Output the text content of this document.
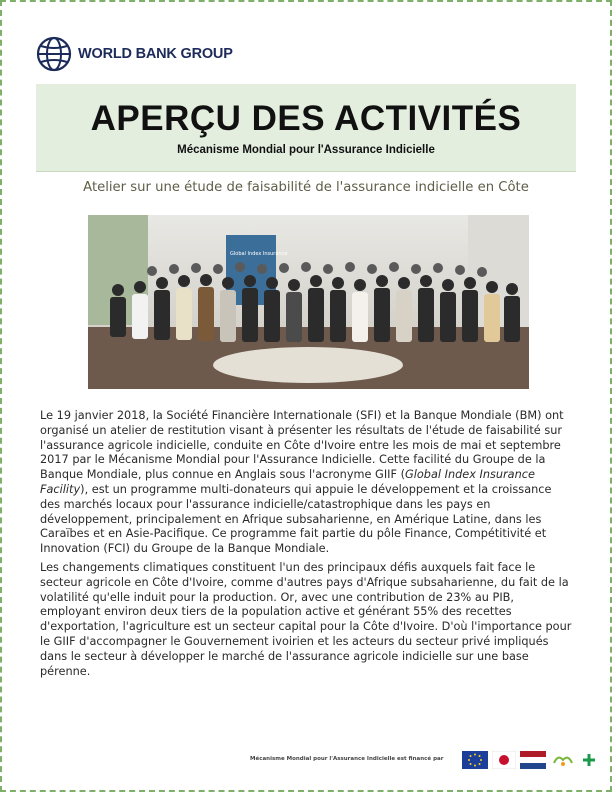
WORLD BANK GROUP
APERÇU DES ACTIVITÉS
Mécanisme Mondial pour l'Assurance Indicielle
Atelier sur une étude de faisabilité de l'assurance indicielle en Côte
Global Index Insurance

Le 19 janvier 2018, la Société Financière Internationale (SFI) et la Banque Mondiale (BM) ont organisé un atelier de restitution visant à présenter les résultats de l'étude de faisabilité sur l'assurance agricole indicielle, conduite en Côte d'Ivoire entre les mois de mai et septembre 2017 par le Mécanisme Mondial pour l'Assurance Indicielle. Cette facilité du Groupe de la Banque Mondiale, plus connue en Anglais sous l'acronyme GIIF (Global Index Insurance Facility), est un programme multi-donateurs qui appuie le développement et la croissance des marchés locaux pour l'assurance indicielle/catastrophique dans les pays en développement, principalement en Afrique subsaharienne, en Amérique Latine, dans les Caraïbes et en Asie-Pacifique. Ce programme fait partie du pôle Finance, Compétitivité et Innovation (FCI) du Groupe de la Banque Mondiale.

Les changements climatiques constituent l'un des principaux défis auxquels fait face le secteur agricole en Côte d'Ivoire, comme d'autres pays d'Afrique subsaharienne, du fait de la volatilité qu'elle induit pour la production. Or, avec une contribution de 23% au PIB, employant environ deux tiers de la population active et générant 55% des recettes d'exportation, l'agriculture est un secteur capital pour la Côte d'Ivoire. D'où l'importance pour le GIIF d'accompagner le Gouvernement ivoirien et les acteurs du secteur privé impliqués dans le secteur à développer le marché de l'assurance agricole indicielle sur une base pérenne.

Mécanisme Mondial pour l'Assurance Indicielle est financé par
